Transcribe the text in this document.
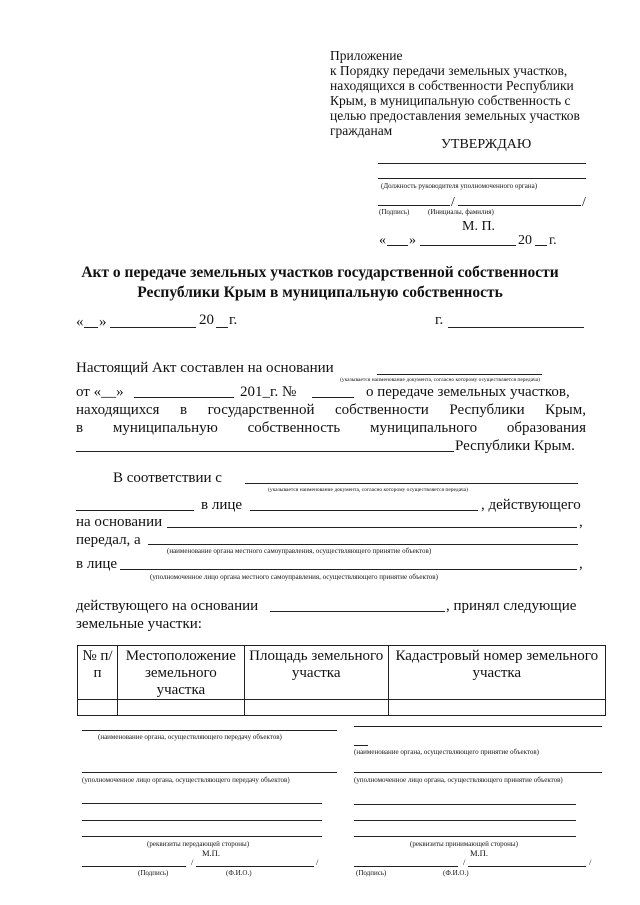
Приложение
к Порядку передачи земельных участков,
находящихся в собственности Республики
Крым, в муниципальную собственность с
целью предоставления земельных участков
гражданам
УТВЕРЖДАЮ
(Должность руководителя уполномоченного органа)
/	/
(Подпись)	(Инициалы, фамилия)
М. П.
« »	20 г.
Акт о передаче земельных участков государственной собственности
Республики Крым в муниципальную собственность
« »	20 г.	г.
Настоящий Акт составлен на основании
(указывается наименование документа, согласно которому осуществляется передача)
от «__»	201_г. №	о передаче земельных участков,
находящихся в государственной собственности Республики Крым,
в муниципальную собственность муниципального образования
Республики Крым.
В соответствии с
(указывается наименование документа, согласно которому осуществляется передача)
в лице	, действующего
на основании	,
передал, а
(наименование органа местного самоуправления, осуществляющего принятие объектов)
в лице	,
(уполномоченное лицо органа местного самоуправления, осуществляющего принятие объектов)
действующего на основании	, принял следующие
земельные участки:
№ п/п	Местоположение земельного участка	Площадь земельного участка	Кадастровый номер земельного участка

(наименование органа, осуществляющего передачу объектов)
(уполномоченное лицо органа, осуществляющего передачу объектов)
(реквизиты передающей стороны)
М.П.
/	/
(Подпись)	(Ф.И.О.)
(наименование органа, осуществляющего принятие объектов)
(уполномоченное лицо органа, осуществляющего принятие объектов)
(реквизиты принимающей стороны)
М.П.
/	/
(Подпись)	(Ф.И.О.)
